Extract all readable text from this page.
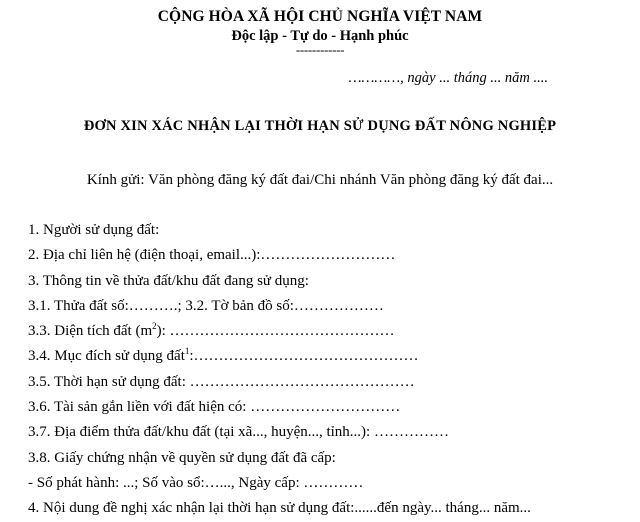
CỘNG HÒA XÃ HỘI CHỦ NGHĨA VIỆT NAM
Độc lập - Tự do - Hạnh phúc
------------
…………, ngày ... tháng ... năm ....
ĐƠN XIN XÁC NHẬN LẠI THỜI HẠN SỬ DỤNG ĐẤT NÔNG NGHIỆP
Kính gửi: Văn phòng đăng ký đất đai/Chi nhánh Văn phòng đăng ký đất đai...
1. Người sử dụng đất:
2. Địa chỉ liên hệ (điện thoại, email...):………………………
3. Thông tin về thửa đất/khu đất đang sử dụng:
3.1. Thửa đất số:……….; 3.2. Tờ bản đồ số:………………
3.3. Diện tích đất $(m^2)$: ………………………………………
3.4. Mục đích sử dụng đất$^1$:………………………………………
3.5. Thời hạn sử dụng đất: ………………………………………
3.6. Tài sản gắn liền với đất hiện có: …………………………
3.7. Địa điểm thửa đất/khu đất (tại xã..., huyện..., tỉnh...): ……………
3.8. Giấy chứng nhận về quyền sử dụng đất đã cấp:
- Số phát hành: ...; Số vào sổ:…..., Ngày cấp: …………
4. Nội dung đề nghị xác nhận lại thời hạn sử dụng đất:......đến ngày... tháng... năm...
